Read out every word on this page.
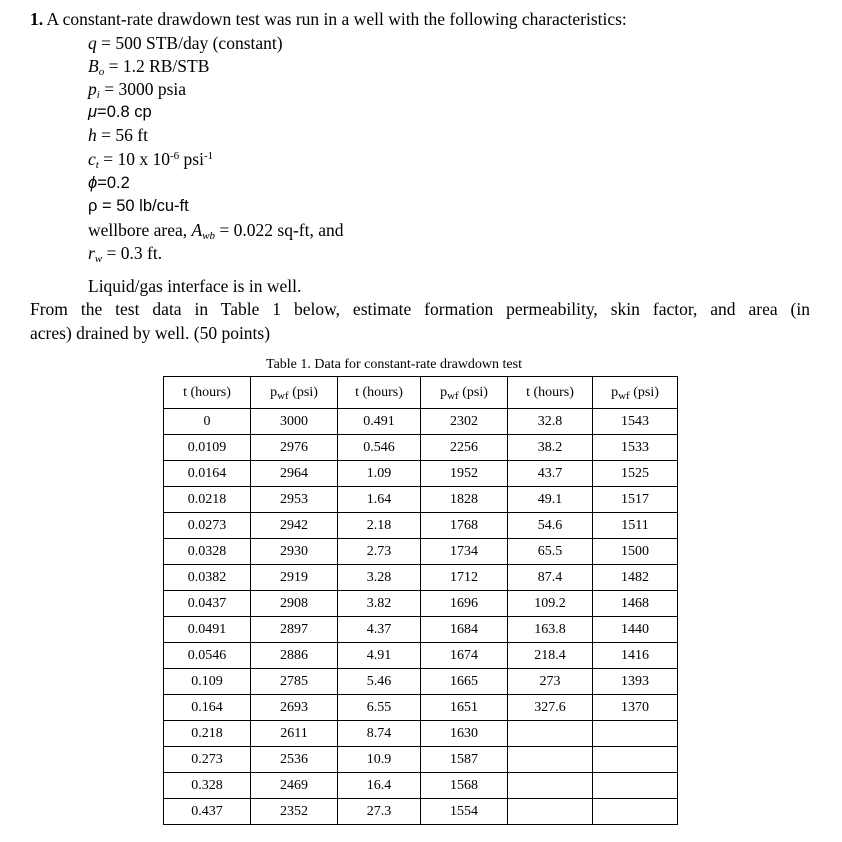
1. A constant-rate drawdown test was run in a well with the following characteristics:
q = 500 STB/day (constant)
$B_o = 1.2$ RB/STB
$p_i = 3000$ psia
μ=0.8 cp
h = 56 ft
$c_t = 10$ x $10^{-6}$ psi$^{-1}$
ϕ=0.2
ρ = 50 lb/cu-ft
wellbore area, $A_{wb} = 0.022$ sq-ft, and
$r_w = 0.3$ ft.
Liquid/gas interface is in well.
From the test data in Table 1 below, estimate formation permeability, skin factor, and area (in
acres) drained by well. (50 points)
Table 1. Data for constant-rate drawdown test
t (hours)	$p_{wf}$ (psi)	t (hours)	$p_{wf}$ (psi)	t (hours)	$p_{wf}$ (psi)
0	3000	0.491	2302	32.8	1543
0.0109	2976	0.546	2256	38.2	1533
0.0164	2964	1.09	1952	43.7	1525
0.0218	2953	1.64	1828	49.1	1517
0.0273	2942	2.18	1768	54.6	1511
0.0328	2930	2.73	1734	65.5	1500
0.0382	2919	3.28	1712	87.4	1482
0.0437	2908	3.82	1696	109.2	1468
0.0491	2897	4.37	1684	163.8	1440
0.0546	2886	4.91	1674	218.4	1416
0.109	2785	5.46	1665	273	1393
0.164	2693	6.55	1651	327.6	1370
0.218	2611	8.74	1630		
0.273	2536	10.9	1587		
0.328	2469	16.4	1568		
0.437	2352	27.3	1554		
